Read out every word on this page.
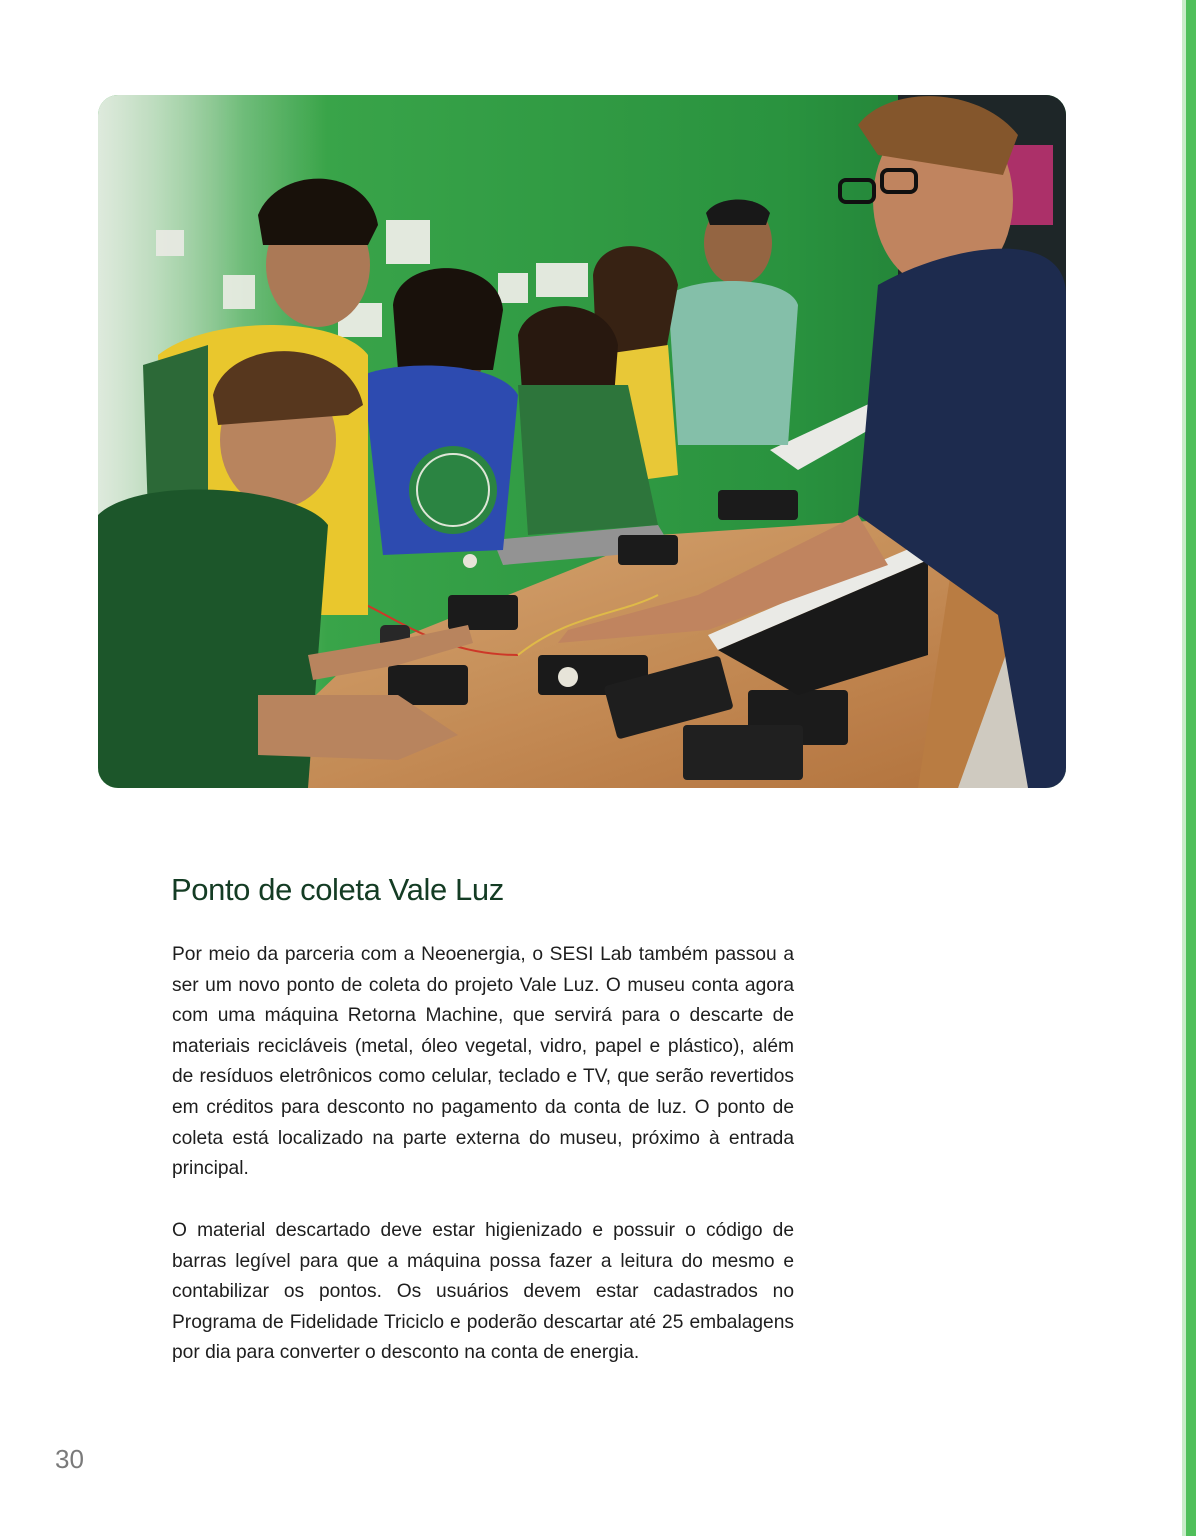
Ponto de coleta Vale Luz

Por meio da parceria com a Neoenergia, o SESI Lab também passou a ser um novo ponto de coleta do projeto Vale Luz. O museu conta agora com uma máquina Retorna Machine, que servirá para o descarte de materiais recicláveis (metal, óleo vegetal, vidro, papel e plástico), além de resíduos eletrônicos como celular, teclado e TV, que serão revertidos em créditos para desconto no pagamento da conta de luz. O ponto de coleta está localizado na parte externa do museu, próximo à entrada principal.

O material descartado deve estar higienizado e possuir o código de barras legível para que a máquina possa fazer a leitura do mesmo e contabilizar os pontos. Os usuários devem estar cadastrados no Programa de Fidelidade Triciclo e poderão descartar até 25 embalagens por dia para converter o desconto na conta de energia.

30
